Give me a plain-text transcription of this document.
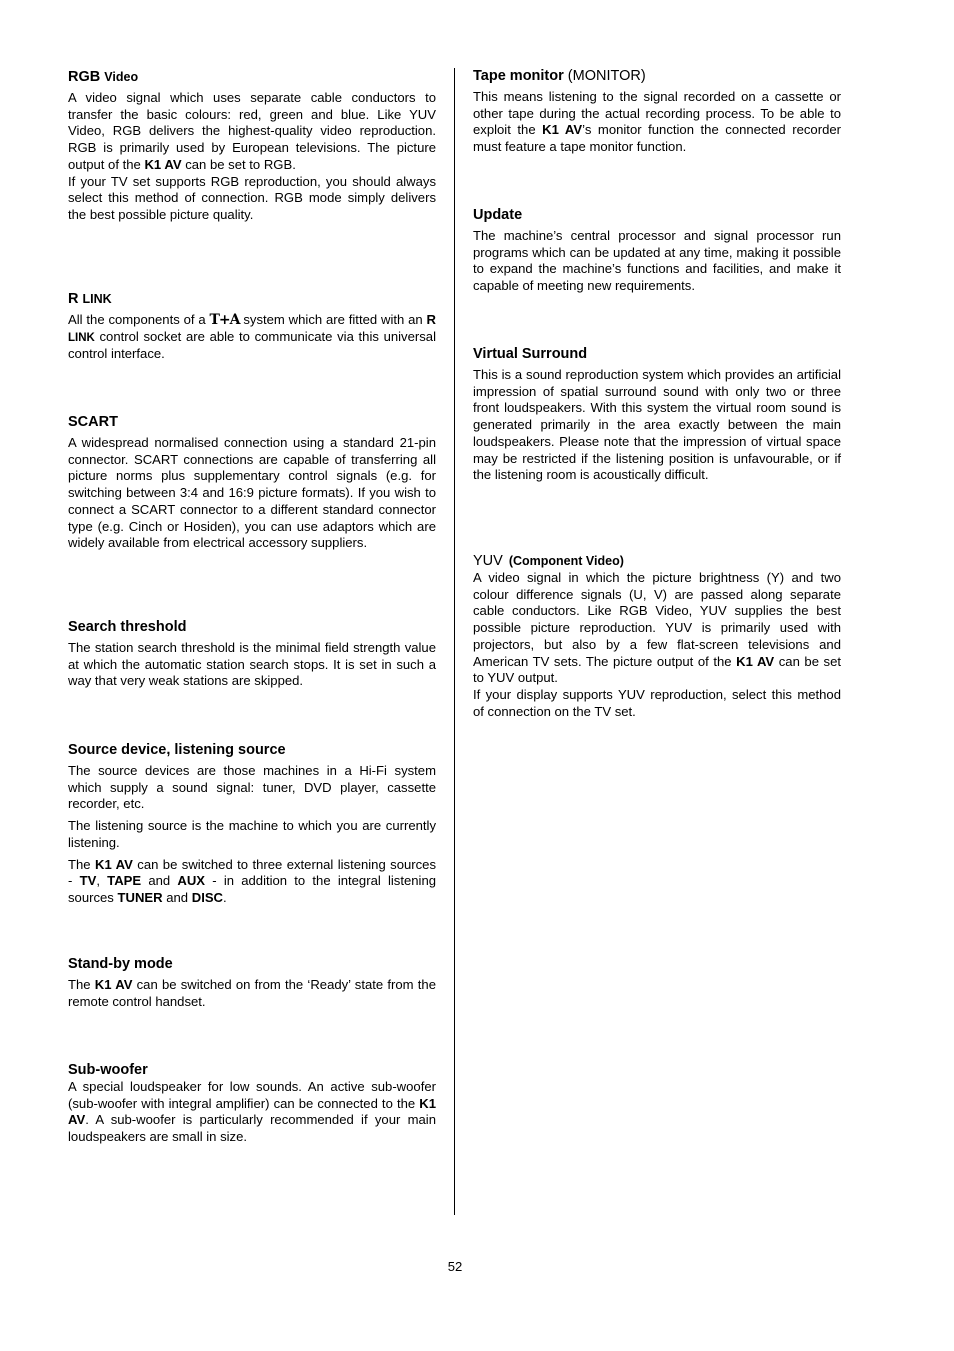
RGB Video

A video signal which uses separate cable conductors to transfer the basic colours: red, green and blue. Like YUV Video, RGB delivers the highest-quality video reproduction. RGB is primarily used by European televisions. The picture output of the K1 AV can be set to RGB.

If your TV set supports RGB reproduction, you should always select this method of connection. RGB mode simply delivers the best possible picture quality.

R LINK

All the components of a T+A system which are fitted with an R LINK control socket are able to communicate via this universal control interface.

SCART

A widespread normalised connection using a standard 21-pin connector. SCART connections are capable of transferring all picture norms plus supplementary control signals (e.g. for switching between 3:4 and 16:9 picture formats). If you wish to connect a SCART connector to a different standard connector type (e.g. Cinch or Hosiden), you can use adaptors which are widely available from electrical accessory suppliers.

Search threshold

The station search threshold is the minimal field strength value at which the automatic station search stops. It is set in such a way that very weak stations are skipped.

Source device, listening source

The source devices are those machines in a Hi-Fi system which supply a sound signal: tuner, DVD player, cassette recorder, etc.

The listening source is the machine to which you are currently listening.

The K1 AV can be switched to three external listening sources - TV, TAPE and AUX - in addition to the integral listening sources TUNER and DISC.

Stand-by mode

The K1 AV can be switched on from the ‘Ready’ state from the remote control handset.

Sub-woofer

A special loudspeaker for low sounds. An active sub-woofer (sub-woofer with integral amplifier) can be connected to the K1 AV. A sub-woofer is particularly recommended if your main loudspeakers are small in size.

Tape monitor (MONITOR)

This means listening to the signal recorded on a cassette or other tape during the actual recording process. To be able to exploit the K1 AV’s monitor function the connected recorder must feature a tape monitor function.

Update

The machine’s central processor and signal processor run programs which can be updated at any time, making it possible to expand the machine’s functions and facilities, and make it capable of meeting new requirements.

Virtual Surround

This is a sound reproduction system which provides an artificial impression of spatial surround sound with only two or three front loudspeakers. With this system the virtual room sound is generated primarily in the area exactly between the main loudspeakers. Please note that the impression of virtual space may be restricted if the listening position is unfavourable, or if the listening room is acoustically difficult.

YUV (Component Video)

A video signal in which the picture brightness (Y) and two colour difference signals (U, V) are passed along separate cable conductors. Like RGB Video, YUV supplies the best possible picture reproduction. YUV is primarily used with projectors, but also by a few flat-screen televisions and American TV sets. The picture output of the K1 AV can be set to YUV output.

If your display supports YUV reproduction, select this method of connection on the TV set.

52
